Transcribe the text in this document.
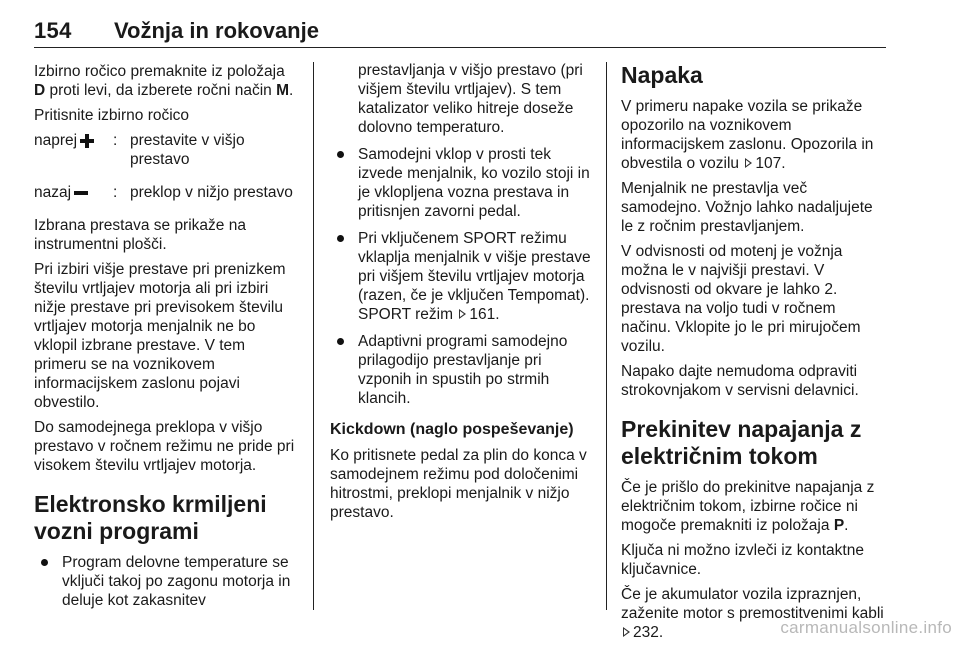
154 Vožnja in rokovanje

Izbirno ročico premaknite iz položaja D proti levi, da izberete ročni način M.

Pritisnite izbirno ročico

naprej	: prestavite v višjo prestavo
nazaj	: preklop v nižjo prestavo

Izbrana prestava se prikaže na instrumentni plošči.

Pri izbiri višje prestave pri prenizkem številu vrtljajev motorja ali pri izbiri nižje prestave pri previsokem številu vrtljajev motorja menjalnik ne bo vklopil izbrane prestave. V tem primeru se na voznikovem informacijskem zaslonu pojavi obvestilo.

Do samodejnega preklopa v višjo prestavo v ročnem režimu ne pride pri visokem številu vrtljajev motorja.

Elektronsko krmiljeni vozni programi
Program delovne temperature se vključi takoj po zagonu motorja in deluje kot zakasnitev
prestavljanja v višjo prestavo (pri višjem številu vrtljajev). S tem katalizator veliko hitreje doseže dolovno temperaturo.
Samodejni vklop v prosti tek izvede menjalnik, ko vozilo stoji in je vklopljena vozna prestava in pritisnjen zavorni pedal.
Pri vključenem SPORT režimu vklaplja menjalnik v višje prestave pri višjem številu vrtljajev motorja (razen, če je vključen Tempomat). SPORT režim 161.
Adaptivni programi samodejno prilagodijo prestavljanje pri vzponih in spustih po strmih klancih.
Kickdown (naglo pospeševanje)

Ko pritisnete pedal za plin do konca v samodejnem režimu pod določenimi hitrostmi, preklopi menjalnik v nižjo prestavo.

Napaka

V primeru napake vozila se prikaže opozorilo na voznikovem informacijskem zaslonu. Opozorila in obvestila o vozilu 107.

Menjalnik ne prestavlja več samodejno. Vožnjo lahko nadaljujete le z ročnim prestavljanjem.

V odvisnosti od motenj je vožnja možna le v najvišji prestavi. V odvisnosti od okvare je lahko 2. prestava na voljo tudi v ročnem načinu. Vklopite jo le pri mirujočem vozilu.

Napako dajte nemudoma odpraviti strokovnjakom v servisni delavnici.

Prekinitev napajanja z električnim tokom

Če je prišlo do prekinitve napajanja z električnim tokom, izbirne ročice ni mogoče premakniti iz položaja P.

Ključa ni možno izvleči iz kontaktne ključavnice.

Če je akumulator vozila izpraznjen, zaženite motor s premostitvenimi kabli 232.	carmanualsonline.info
